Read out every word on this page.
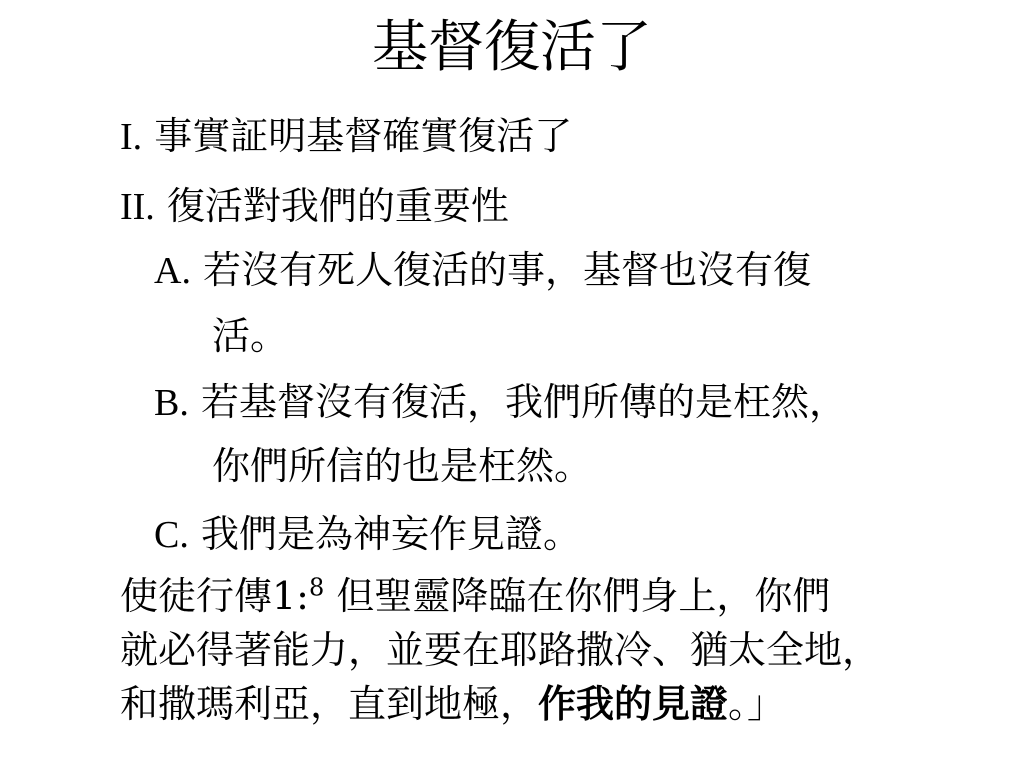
基督復活了
I. 事實証明基督確實復活了
II. 復活對我們的重要性
A. 若沒有死人復活的事，基督也沒有復
活。
B. 若基督沒有復活，我們所傳的是枉然，
你們所信的也是枉然。
C. 我們是為神妄作見證。
使徒行傳1:$^8$ 但聖靈降臨在你們身上，你們
就必得著能力，並要在耶路撒冷、猶太全地，
和撒瑪利亞，直到地極，作我的見證。」
